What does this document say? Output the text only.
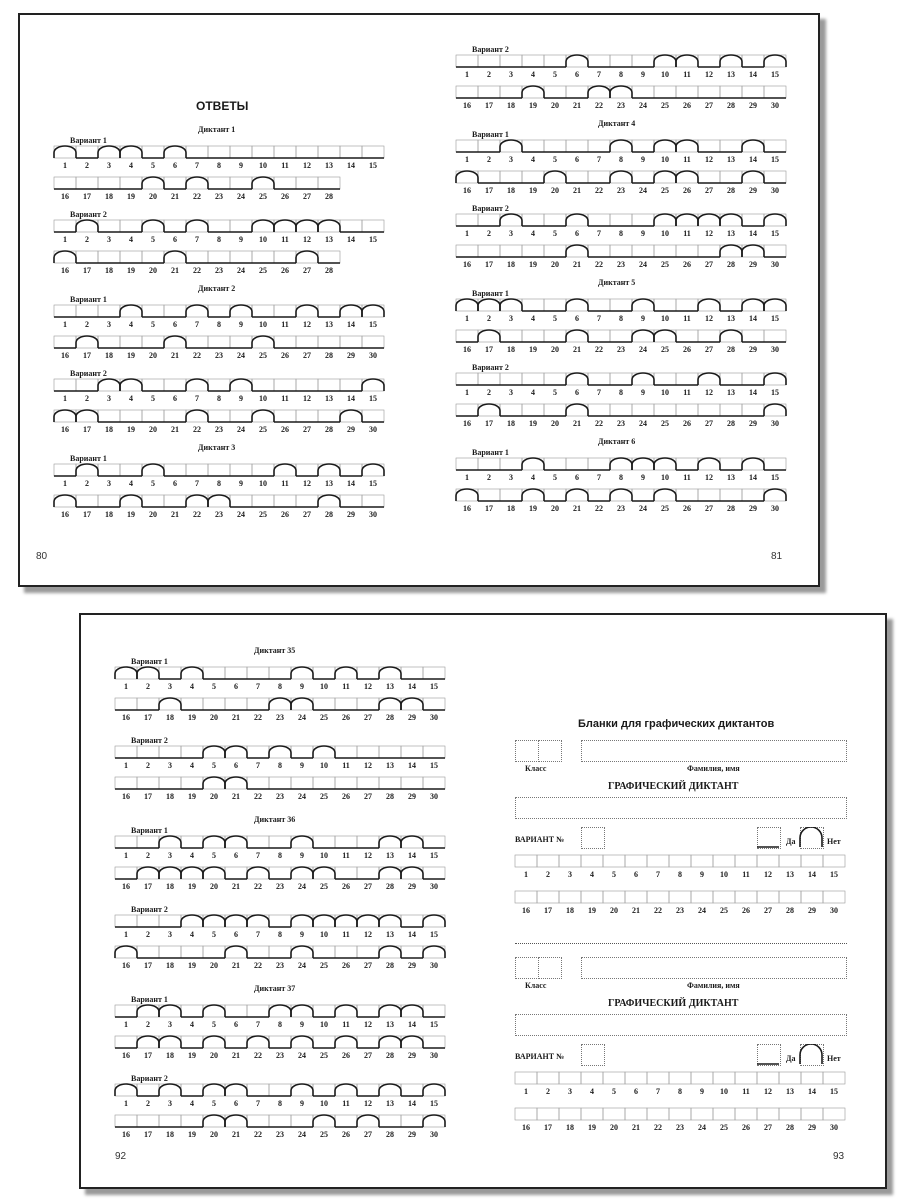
ОТВЕТЫ
Диктант 1
Вариант 1
1	2	3	4	5	6	7	8	9	10	11	12	13	14	15
16	17	18	19	20	21	22	23	24	25	26	27	28
Вариант 2
1	2	3	4	5	6	7	8	9	10	11	12	13	14	15
16	17	18	19	20	21	22	23	24	25	26	27	28
Диктант 2
Вариант 1
1	2	3	4	5	6	7	8	9	10	11	12	13	14	15
16	17	18	19	20	21	22	23	24	25	26	27	28	29	30
Вариант 2
1	2	3	4	5	6	7	8	9	10	11	12	13	14	15
16	17	18	19	20	21	22	23	24	25	26	27	28	29	30
Диктант 3
Вариант 1
1	2	3	4	5	6	7	8	9	10	11	12	13	14	15
16	17	18	19	20	21	22	23	24	25	26	27	28	29	30
Вариант 2
1	2	3	4	5	6	7	8	9	10	11	12	13	14	15
16	17	18	19	20	21	22	23	24	25	26	27	28	29	30
Диктант 4
Вариант 1
1	2	3	4	5	6	7	8	9	10	11	12	13	14	15
16	17	18	19	20	21	22	23	24	25	26	27	28	29	30
Вариант 2
1	2	3	4	5	6	7	8	9	10	11	12	13	14	15
16	17	18	19	20	21	22	23	24	25	26	27	28	29	30
Диктант 5
Вариант 1
1	2	3	4	5	6	7	8	9	10	11	12	13	14	15
16	17	18	19	20	21	22	23	24	25	26	27	28	29	30
Вариант 2
1	2	3	4	5	6	7	8	9	10	11	12	13	14	15
16	17	18	19	20	21	22	23	24	25	26	27	28	29	30
Диктант 6
Вариант 1
1	2	3	4	5	6	7	8	9	10	11	12	13	14	15
16	17	18	19	20	21	22	23	24	25	26	27	28	29	30
80	81
Диктант 35
Вариант 1
1	2	3	4	5	6	7	8	9	10	11	12	13	14	15
16	17	18	19	20	21	22	23	24	25	26	27	28	29	30
Вариант 2
1	2	3	4	5	6	7	8	9	10	11	12	13	14	15
16	17	18	19	20	21	22	23	24	25	26	27	28	29	30
Диктант 36
Вариант 1
1	2	3	4	5	6	7	8	9	10	11	12	13	14	15
16	17	18	19	20	21	22	23	24	25	26	27	28	29	30
Вариант 2
1	2	3	4	5	6	7	8	9	10	11	12	13	14	15
16	17	18	19	20	21	22	23	24	25	26	27	28	29	30
Диктант 37
Вариант 1
1	2	3	4	5	6	7	8	9	10	11	12	13	14	15
16	17	18	19	20	21	22	23	24	25	26	27	28	29	30
Вариант 2
1	2	3	4	5	6	7	8	9	10	11	12	13	14	15
16	17	18	19	20	21	22	23	24	25	26	27	28	29	30
Бланки для графических диктантов
Класс	Фамилия, имя
ГРАФИЧЕСКИЙ ДИКТАНТ
ВАРИАНТ №	Да	Нет
1	2	3	4	5	6	7	8	9	10	11	12	13	14	15
16	17	18	19	20	21	22	23	24	25	26	27	28	29	30
Класс	Фамилия, имя
ГРАФИЧЕСКИЙ ДИКТАНТ
ВАРИАНТ №	Да	Нет
1	2	3	4	5	6	7	8	9	10	11	12	13	14	15
16	17	18	19	20	21	22	23	24	25	26	27	28	29	30
92	93
